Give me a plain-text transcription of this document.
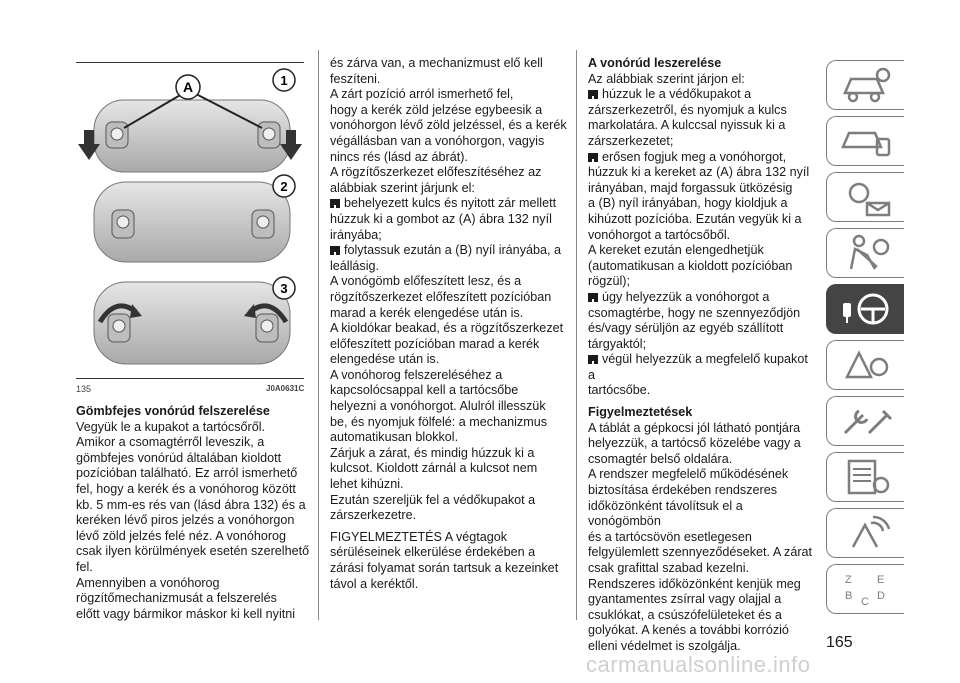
A	1
2
3
135	J0A0631C

Gömbfejes vonórúd felszerelése

Vegyük le a kupakot a tartócsőről.

Amikor a csomagtérről leveszik, a

gömbfejes vonórúd általában kioldott

pozícióban található. Ez arról ismerhető

fel, hogy a kerék és a vonóhorog között

kb. 5 mm-es rés van (lásd ábra 132) és a

keréken lévő piros jelzés a vonóhorgon

lévő zöld jelzés felé néz. A vonóhorog

csak ilyen körülmények esetén szerelhető

fel.

Amennyiben a vonóhorog

rögzítőmechanizmusát a felszerelés

előtt vagy bármikor máskor ki kell nyitni

és zárva van, a mechanizmust elő kell

feszíteni.

A zárt pozíció arról ismerhető fel,

hogy a kerék zöld jelzése egybeesik a

vonóhorgon lévő zöld jelzéssel, és a kerék

végállásban van a vonóhorgon, vagyis

nincs rés (lásd az ábrát).

A rögzítőszerkezet előfeszítéséhez az

alábbiak szerint járjunk el:

behelyezett kulcs és nyitott zár mellett

húzzuk ki a gombot az (A) ábra 132 nyíl

irányába;

folytassuk ezután a (B) nyíl irányába, a

leállásig.

A vonógömb előfeszített lesz, és a

rögzítőszerkezet előfeszített pozícióban

marad a kerék elengedése után is.

A kioldókar beakad, és a rögzítőszerkezet

előfeszített pozícióban marad a kerék

elengedése után is.

A vonóhorog felszereléséhez a

kapcsolócsappal kell a tartócsőbe

helyezni a vonóhorgot. Alulról illesszük

be, és nyomjuk fölfelé: a mechanizmus

automatikusan blokkol.

Zárjuk a zárat, és mindig húzzuk ki a

kulcsot. Kioldott zárnál a kulcsot nem

lehet kihúzni.

Ezután szereljük fel a védőkupakot a

zárszerkezetre.

FIGYELMEZTETÉS A végtagok

sérüléseinek elkerülése érdekében a

zárási folyamat során tartsuk a kezeinket

távol a keréktől.

A vonórúd leszerelése

Az alábbiak szerint járjon el:

húzzuk le a védőkupakot a

zárszerkezetről, és nyomjuk a kulcs

markolatára. A kulccsal nyissuk ki a

zárszerkezetet;

erősen fogjuk meg a vonóhorgot,

húzzuk ki a kereket az (A) ábra 132 nyíl

irányában, majd forgassuk ütközésig

a (B) nyíl irányában, hogy kioldjuk a

kihúzott pozícióba. Ezután vegyük ki a

vonóhorgot a tartócsőből.

A kereket ezután elengedhetjük

(automatikusan a kioldott pozícióban

rögzül);

úgy helyezzük a vonóhorgot a

csomagtérbe, hogy ne szennyeződjön

és/vagy sérüljön az egyéb szállított

tárgyaktól;

végül helyezzük a megfelelő kupakot a

tartócsőbe.

Figyelmeztetések

A táblát a gépkocsi jól látható pontjára

helyezzük, a tartócső közelébe vagy a

csomagtér belső oldalára.

A rendszer megfelelő működésének

biztosítása érdekében rendszeres

időközönként távolítsuk el a vonógömbön

és a tartócsövön esetlegesen

felgyülemlett szennyeződéseket. A zárat

csak grafittal szabad kezelni.

Rendszeres időközönként kenjük meg

gyantamentes zsírral vagy olajjal a

csuklókat, a csúszófelületeket és a

golyókat. A kenés a további korrózió

elleni védelmet is szolgálja.

Z E
B C D
165
carmanualsonline.info
